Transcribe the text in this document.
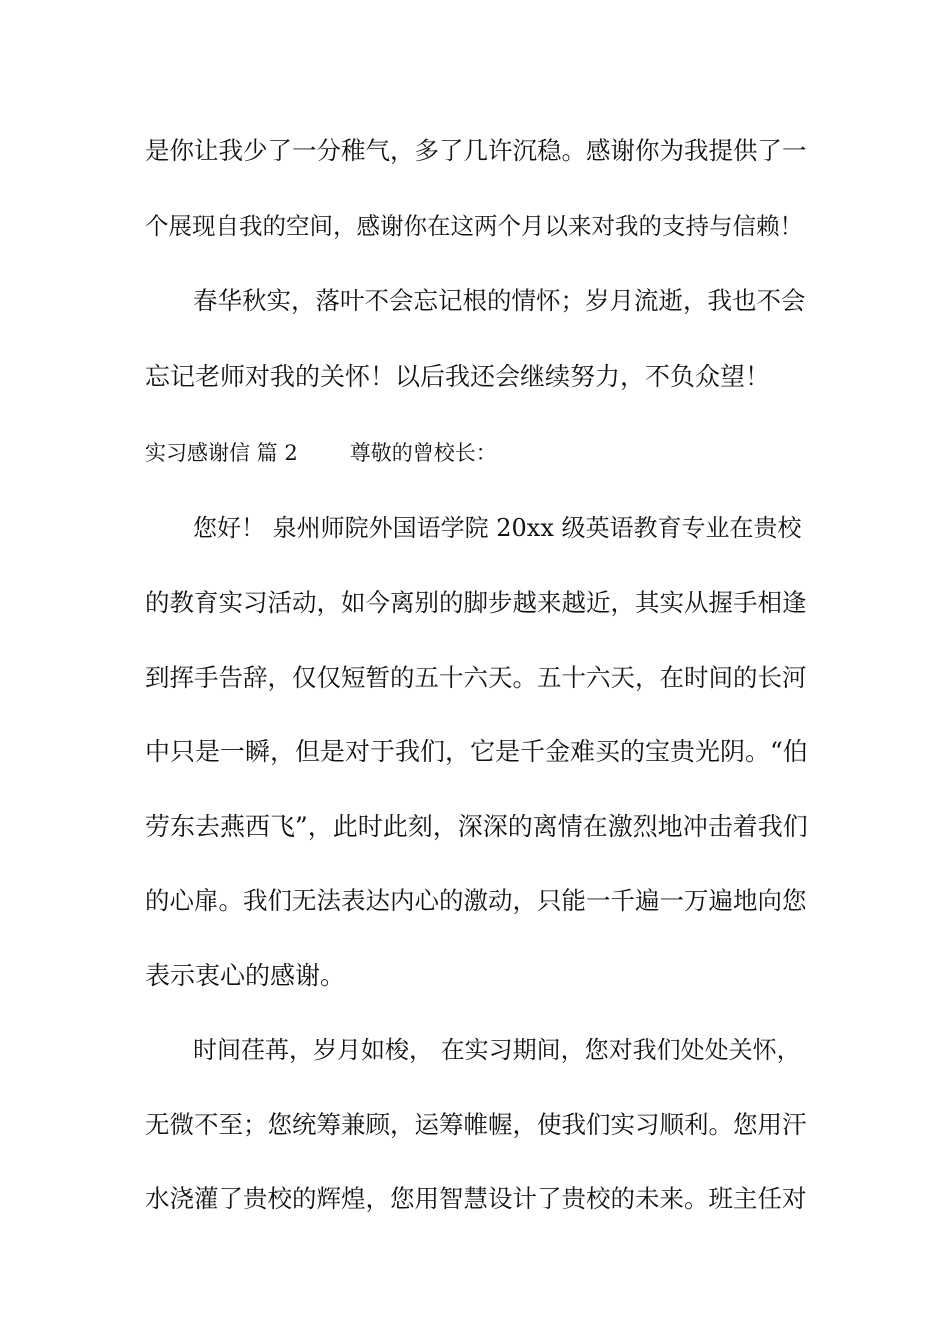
是你让我少了一分稚气，多了几许沉稳。感谢你为我提供了一
个展现自我的空间，感谢你在这两个月以来对我的支持与信赖！
春华秋实，落叶不会忘记根的情怀；岁月流逝，我也不会
忘记老师对我的关怀！以后我还会继续努力，不负众望！
实习感谢信 篇 2 尊敬的曾校长：
您好！ 泉州师院外国语学院 20xx 级英语教育专业在贵校
的教育实习活动，如今离别的脚步越来越近，其实从握手相逢
到挥手告辞，仅仅短暂的五十六天。五十六天，在时间的长河
中只是一瞬，但是对于我们，它是千金难买的宝贵光阴。“伯
劳东去燕西飞”，此时此刻，深深的离情在激烈地冲击着我们
的心扉。我们无法表达内心的激动，只能一千遍一万遍地向您
表示衷心的感谢。
时间荏苒，岁月如梭， 在实习期间，您对我们处处关怀，
无微不至；您统筹兼顾，运筹帷幄，使我们实习顺利。您用汗
水浇灌了贵校的辉煌，您用智慧设计了贵校的未来。班主任对
